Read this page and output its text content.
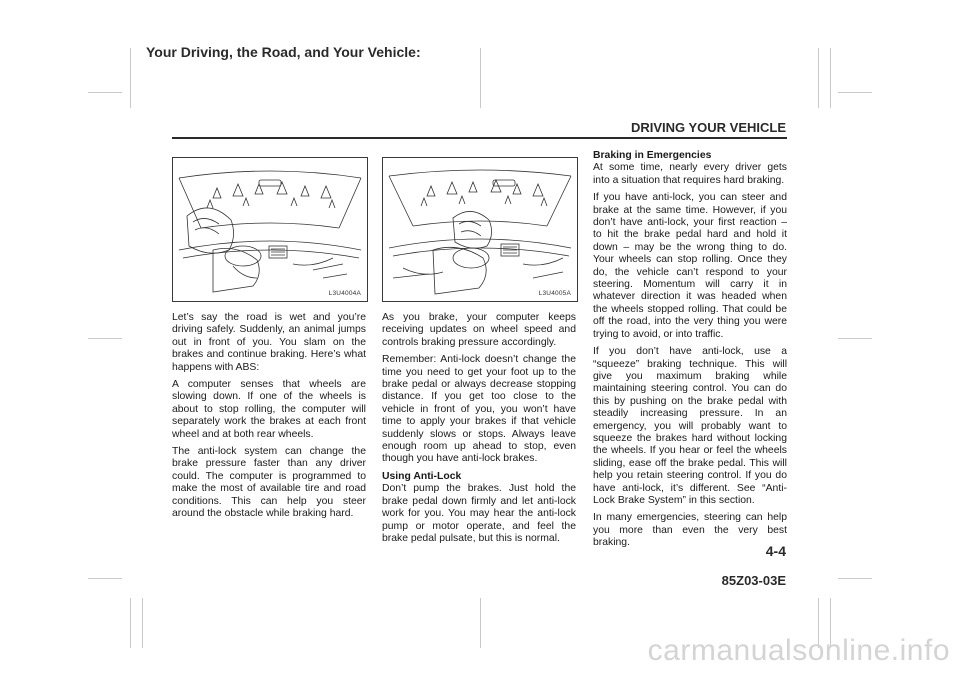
Your Driving, the Road, and Your Vehicle:
DRIVING YOUR VEHICLE
L3U4004A	L3U4005A

Let’s say the road is wet and you’re driving safely. Suddenly, an animal jumps out in front of you. You slam on the brakes and continue braking. Here’s what happens with ABS:

A computer senses that wheels are slowing down. If one of the wheels is about to stop rolling, the computer will separately work the brakes at each front wheel and at both rear wheels.

The anti-lock system can change the brake pressure faster than any driver could. The computer is programmed to make the most of available tire and road conditions. This can help you steer around the obstacle while braking hard.

As you brake, your computer keeps receiving updates on wheel speed and controls braking pressure accordingly.

Remember: Anti-lock doesn’t change the time you need to get your foot up to the brake pedal or always decrease stopping distance. If you get too close to the vehicle in front of you, you won’t have time to apply your brakes if that vehicle suddenly slows or stops. Always leave enough room up ahead to stop, even though you have anti-lock brakes.

Using Anti-Lock

Don’t pump the brakes. Just hold the brake pedal down firmly and let anti-lock work for you. You may hear the anti-lock pump or motor operate, and feel the brake pedal pulsate, but this is normal.

Braking in Emergencies

At some time, nearly every driver gets into a situation that requires hard braking.

If you have anti-lock, you can steer and brake at the same time. However, if you don’t have anti-lock, your first reaction – to hit the brake pedal hard and hold it down – may be the wrong thing to do. Your wheels can stop rolling. Once they do, the vehicle can’t respond to your steering. Momentum will carry it in whatever direction it was headed when the wheels stopped rolling. That could be off the road, into the very thing you were trying to avoid, or into traffic.

If you don’t have anti-lock, use a “squeeze” braking technique. This will give you maximum braking while maintaining steering control. You can do this by pushing on the brake pedal with steadily increasing pressure. In an emergency, you will probably want to squeeze the brakes hard without locking the wheels. If you hear or feel the wheels sliding, ease off the brake pedal. This will help you retain steering control. If you do have anti-lock, it’s different. See “Anti-Lock Brake System” in this section.

In many emergencies, steering can help you more than even the very best braking.

4-4
85Z03-03E
carmanualsonline.info
